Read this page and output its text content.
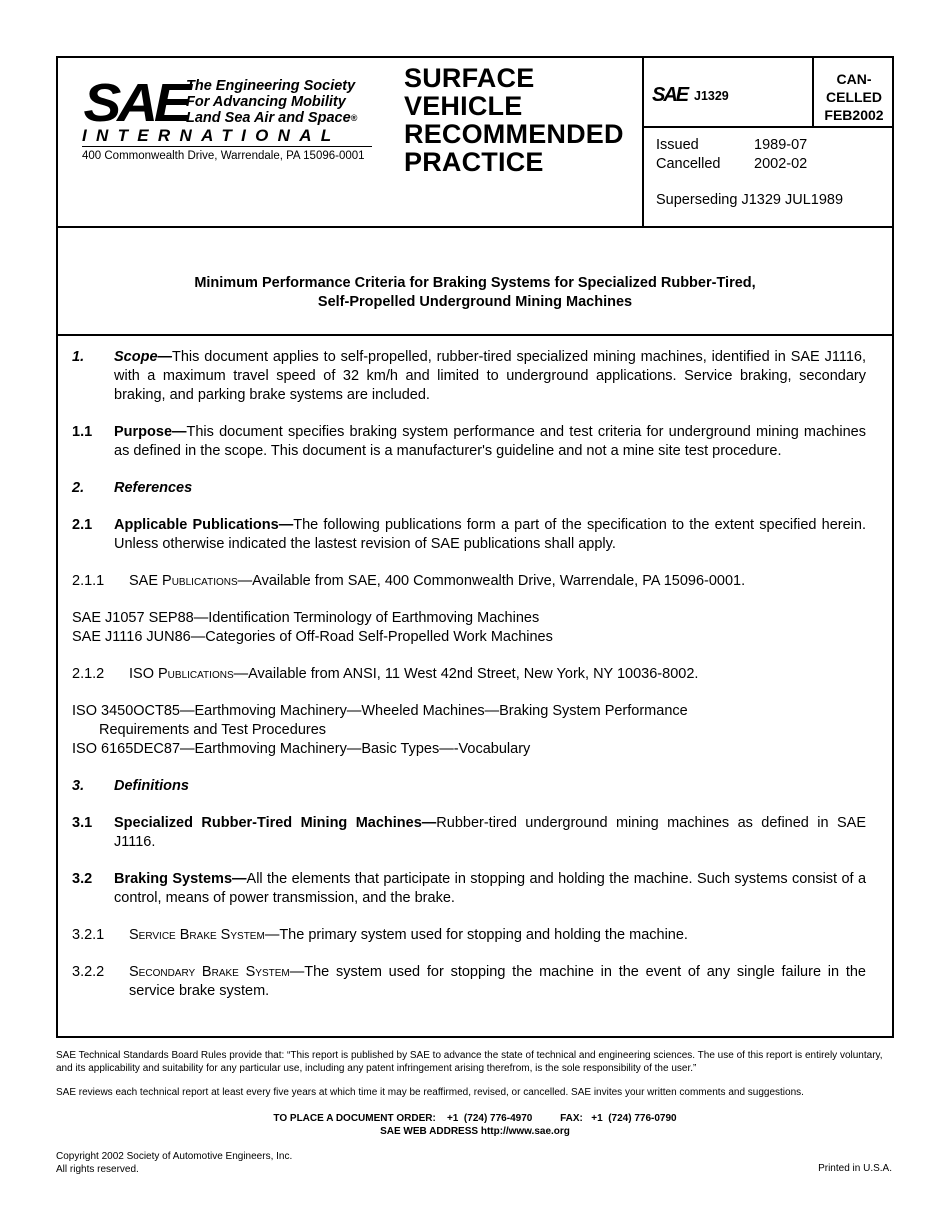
SAE
The Engineering Society
For Advancing Mobility
Land Sea Air and Space®
INTERNATIONAL
400 Commonwealth Drive, Warrendale, PA 15096-0001
SURFACE
VEHICLE
RECOMMENDED
PRACTICE
SAE J1329
CAN-
CELLED
FEB2002
Issued	1989-07
Cancelled 2002-02
Superseding J1329 JUL1989
Minimum Performance Criteria for Braking Systems for Specialized Rubber-Tired,
Self-Propelled Underground Mining Machines
1.	Scope—This document applies to self-propelled, rubber-tired specialized mining machines, identified in SAE J1116, with a maximum travel speed of 32 km/h and limited to underground applications. Service braking, secondary braking, and parking brake systems are included.
1.1	Purpose—This document specifies braking system performance and test criteria for underground mining machines as defined in the scope. This document is a manufacturer's guideline and not a mine site test procedure.
2.	References
2.1	Applicable Publications—The following publications form a part of the specification to the extent specified herein. Unless otherwise indicated the lastest revision of SAE publications shall apply.
2.1.1	SAE Publications—Available from SAE, 400 Commonwealth Drive, Warrendale, PA 15096-0001.
SAE J1057 SEP88—Identification Terminology of Earthmoving Machines
SAE J1116 JUN86—Categories of Off-Road Self-Propelled Work Machines
2.1.2	ISO Publications—Available from ANSI, 11 West 42nd Street, New York, NY 10036-8002.
ISO 3450OCT85—Earthmoving Machinery—Wheeled Machines—Braking System Performance
Requirements and Test Procedures
ISO 6165DEC87—Earthmoving Machinery—Basic Types—-Vocabulary
3.	Definitions
3.1	Specialized Rubber-Tired Mining Machines—Rubber-tired underground mining machines as defined in SAE J1116.
3.2	Braking Systems—All the elements that participate in stopping and holding the machine. Such systems consist of a control, means of power transmission, and the brake.
3.2.1	Service Brake System—The primary system used for stopping and holding the machine.
3.2.2	Secondary Brake System—The system used for stopping the machine in the event of any single failure in the service brake system.
SAE Technical Standards Board Rules provide that: “This report is published by SAE to advance the state of technical and engineering sciences. The use of this report is entirely voluntary, and its applicability and suitability for any particular use, including any patent infringement arising therefrom, is the sole responsibility of the user.”
SAE reviews each technical report at least every five years at which time it may be reaffirmed, revised, or cancelled. SAE invites your written comments and suggestions.
TO PLACE A DOCUMENT ORDER: +1  (724) 776-4970	FAX: +1  (724) 776-0790
SAE WEB ADDRESS http://www.sae.org
Copyright 2002 Society of Automotive Engineers, Inc.
All rights reserved.	Printed in U.S.A.
